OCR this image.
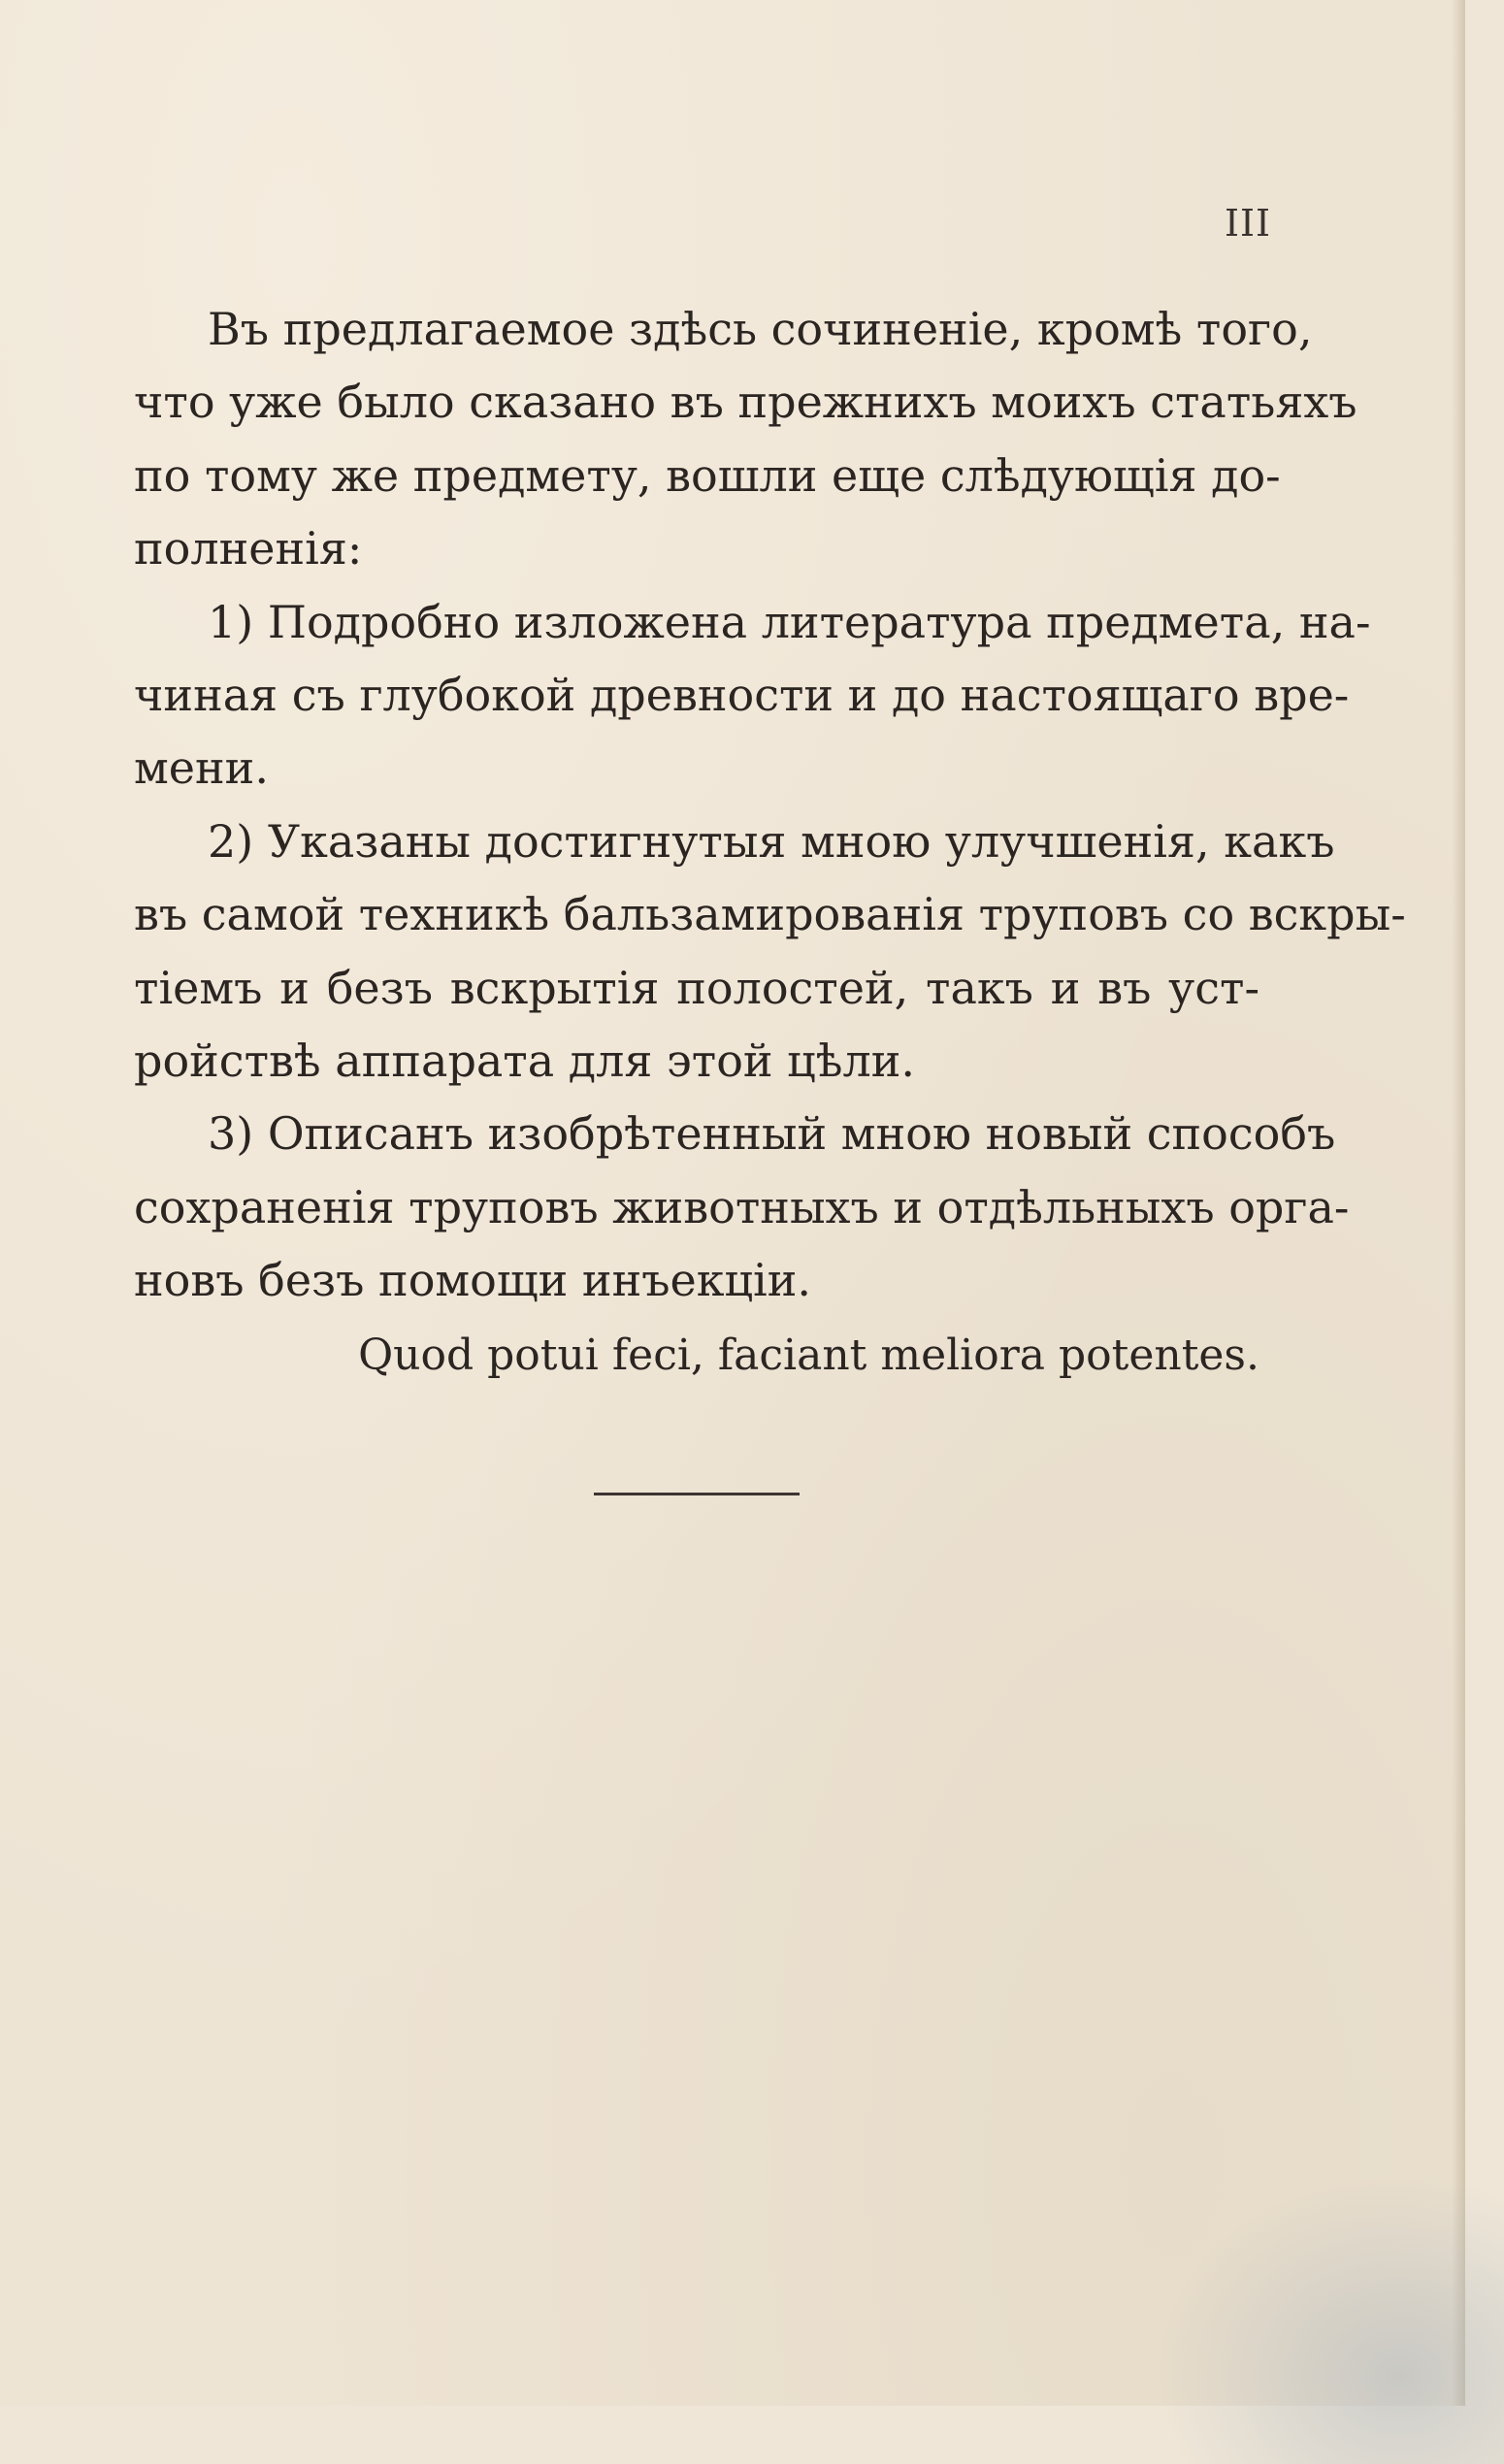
III
Въ предлагаемое здѣсь сочиненіе, кромѣ того,
что уже было сказано въ прежнихъ моихъ статьяхъ
по тому же предмету, вошли еще слѣдующія до-
полненія:
1) Подробно изложена литература предмета, на-
чиная съ глубокой древности и до настоящаго вре-
мени.
2) Указаны достигнутыя мною улучшенія, какъ
въ самой техникѣ бальзамированія труповъ со вскры-
тіемъ и безъ вскрытія полостей, такъ и въ уст-
ройствѣ аппарата для этой цѣли.
3) Описанъ изобрѣтенный мною новый способъ
сохраненія труповъ животныхъ и отдѣльныхъ орга-
новъ безъ помощи инъекціи.
Quod potui feci, faciant meliora potentes.
